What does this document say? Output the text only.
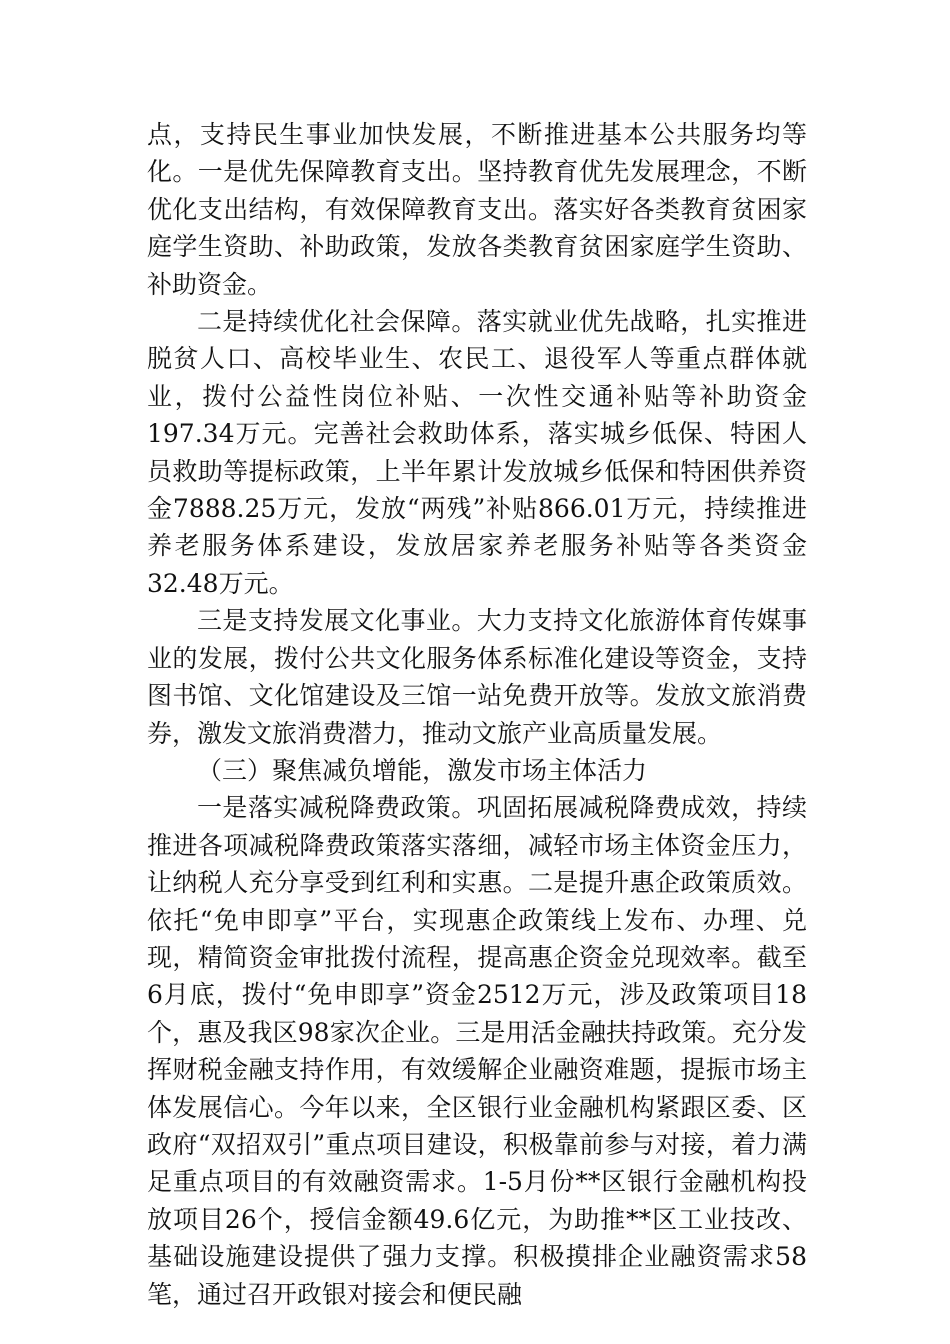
点，支持民生事业加快发展，不断推进基本公共服务均等化。一是优先保障教育支出。坚持教育优先发展理念，不断优化支出结构，有效保障教育支出。落实好各类教育贫困家庭学生资助、补助政策，发放各类教育贫困家庭学生资助、补助资金。

二是持续优化社会保障。落实就业优先战略，扎实推进脱贫人口、高校毕业生、农民工、退役军人等重点群体就业，拨付公益性岗位补贴、一次性交通补贴等补助资金197.34万元。完善社会救助体系，落实城乡低保、特困人员救助等提标政策，上半年累计发放城乡低保和特困供养资金7888.25万元，发放“两残”补贴866.01万元，持续推进养老服务体系建设，发放居家养老服务补贴等各类资金32.48万元。

三是支持发展文化事业。大力支持文化旅游体育传媒事业的发展，拨付公共文化服务体系标准化建设等资金，支持图书馆、文化馆建设及三馆一站免费开放等。发放文旅消费券，激发文旅消费潜力，推动文旅产业高质量发展。

（三）聚焦减负增能，激发市场主体活力

一是落实减税降费政策。巩固拓展减税降费成效，持续推进各项减税降费政策落实落细，减轻市场主体资金压力，让纳税人充分享受到红利和实惠。二是提升惠企政策质效。依托“免申即享”平台，实现惠企政策线上发布、办理、兑现，精简资金审批拨付流程，提高惠企资金兑现效率。截至6月底，拨付“免申即享”资金2512万元，涉及政策项目18个，惠及我区98家次企业。三是用活金融扶持政策。充分发挥财税金融支持作用，有效缓解企业融资难题，提振市场主体发展信心。今年以来，全区银行业金融机构紧跟区委、区政府“双招双引”重点项目建设，积极靠前参与对接，着力满足重点项目的有效融资需求。1-5月份**区银行金融机构投放项目26个，授信金额49.6亿元，为助推**区工业技改、基础设施建设提供了强力支撑。积极摸排企业融资需求58笔，通过召开政银对接会和便民融
